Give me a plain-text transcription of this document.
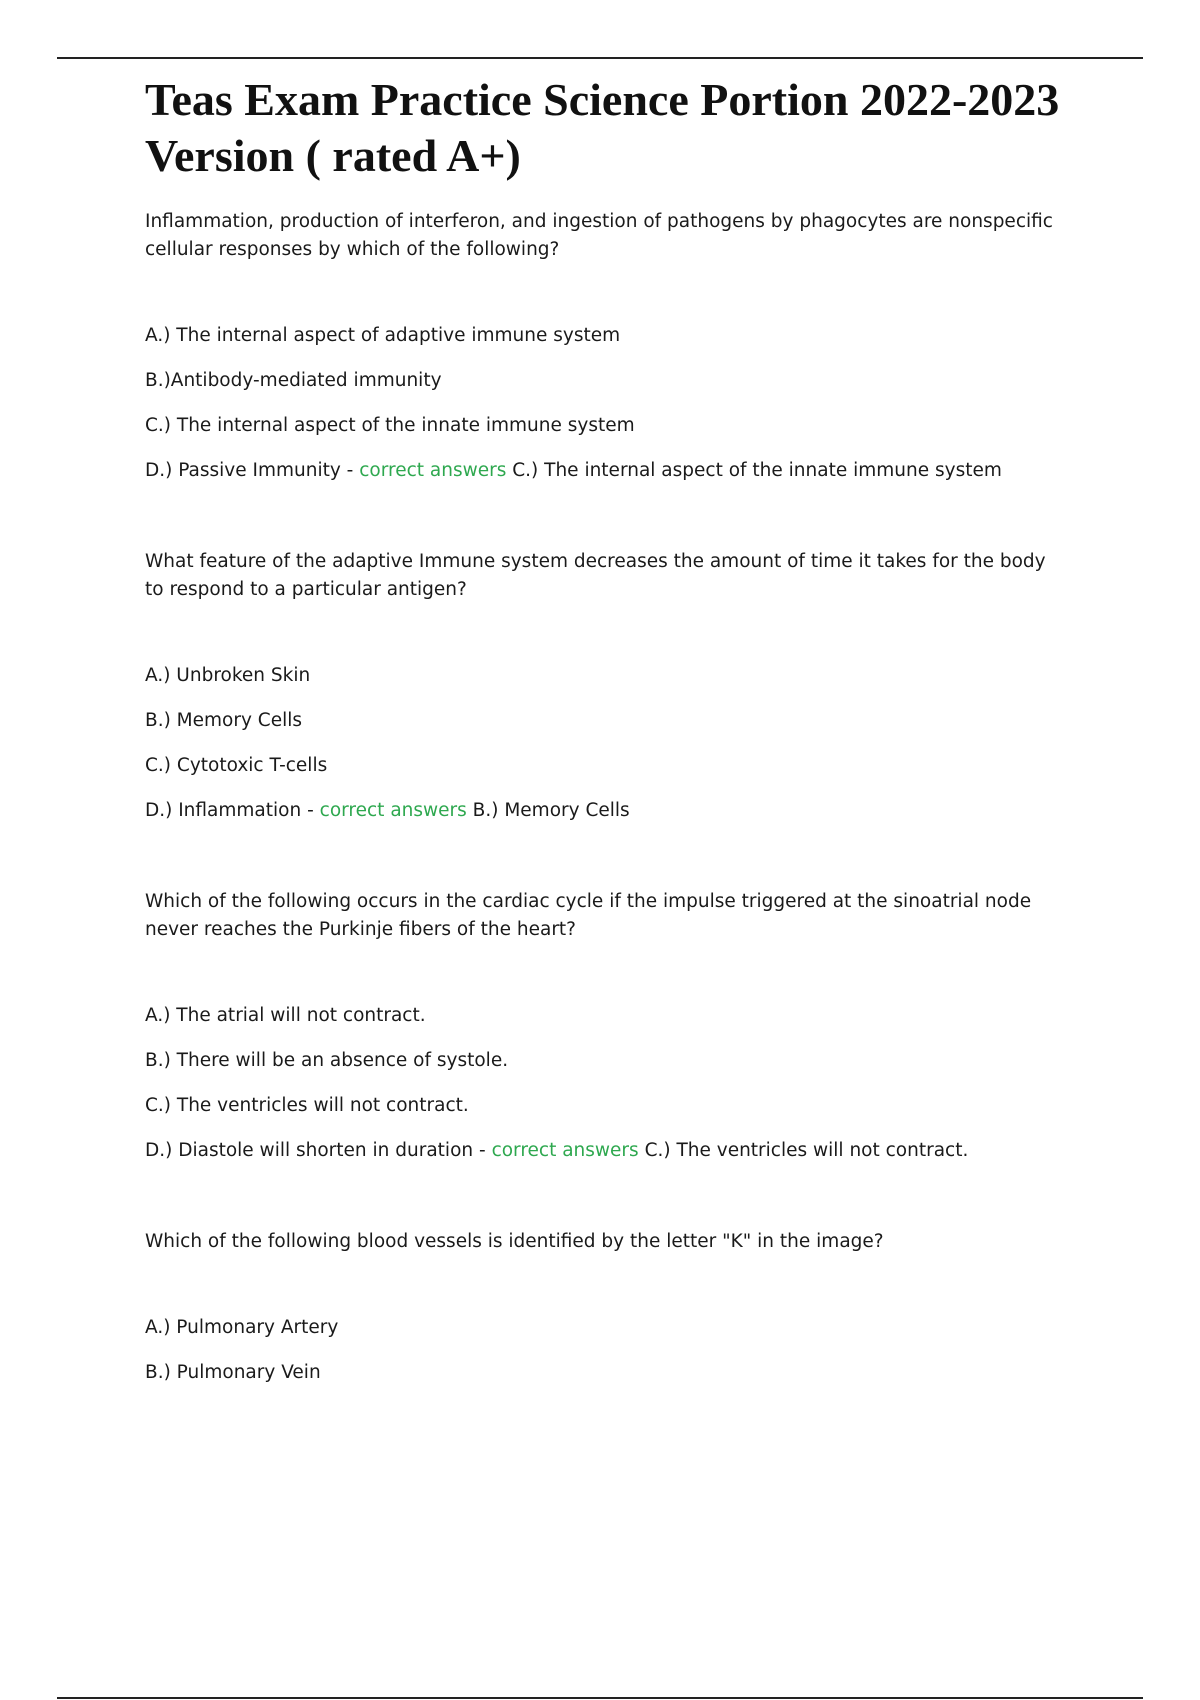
Teas Exam Practice Science Portion 2022-2023 Version ( rated A+)

Inflammation, production of interferon, and ingestion of pathogens by phagocytes are nonspecific cellular responses by which of the following?

A.) The internal aspect of adaptive immune system

B.)Antibody-mediated immunity

C.) The internal aspect of the innate immune system

D.) Passive Immunity - correct answers C.) The internal aspect of the innate immune system

What feature of the adaptive Immune system decreases the amount of time it takes for the body to respond to a particular antigen?

A.) Unbroken Skin

B.) Memory Cells

C.) Cytotoxic T-cells

D.) Inflammation - correct answers B.) Memory Cells

Which of the following occurs in the cardiac cycle if the impulse triggered at the sinoatrial node never reaches the Purkinje fibers of the heart?

A.) The atrial will not contract.

B.) There will be an absence of systole.

C.) The ventricles will not contract.

D.) Diastole will shorten in duration - correct answers C.) The ventricles will not contract.

Which of the following blood vessels is identified by the letter "K" in the image?

A.) Pulmonary Artery

B.) Pulmonary Vein
